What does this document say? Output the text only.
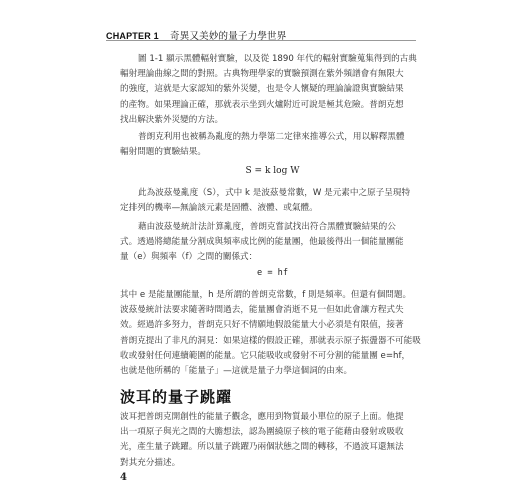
CHAPTER 1 奇異又美妙的量子力學世界

圖 1-1 顯示黑體輻射實驗，以及從 1890 年代的輻射實驗蒐集得到的古典
輻射理論曲線之間的對照。古典物理學家的實驗預測在紫外頻譜會有無限大
的強度，這就是大家認知的紫外災變，也是令人懷疑的理論論證與實驗結果
的產物。如果理論正確，那就表示坐到火爐附近可說是極其危險。普朗克想
找出解決紫外災變的方法。

普朗克利用也被稱為亂度的熱力學第二定律來推導公式，用以解釋黑體
輻射問題的實驗結果。

S = k log W

此為波茲曼亂度（S），式中 k 是波茲曼常數，W 是元素中之原子呈現特
定排列的機率—無論該元素是固體、液體、或氣體。

藉由波茲曼統計法計算亂度，普朗克嘗試找出符合黑體實驗結果的公
式。透過將總能量分割成與頻率成比例的能量團，他最後得出一個能量團能
量（e）與頻率（f）之間的關係式：

e = hf

其中 e 是能量團能量，h 是所謂的普朗克常數，f 則是頻率。但還有個問題。
波茲曼統計法要求隨著時間過去，能量團會消逝不見一但如此會讓方程式失
效。經過許多努力，普朗克只好不情願地假設能量大小必須是有限值，接著
普朗克提出了非凡的洞見：如果這樣的假設正確，那就表示原子振盪器不可能吸
收或發射任何連續範圍的能量。它只能吸收或發射不可分割的能量團 e=hf，
也就是他所稱的「能量子」—這就是量子力學這個詞的由來。

波耳的量子跳躍

波耳把普朗克開創性的能量子觀念，應用到物質最小單位的原子上面。他提
出一項原子與光之間的大膽想法，認為圍繞原子核的電子能藉由發射或吸收
光，產生量子跳躍。所以量子跳躍乃兩個狀態之間的轉移，不過波耳還無法
對其充分描述。

4
